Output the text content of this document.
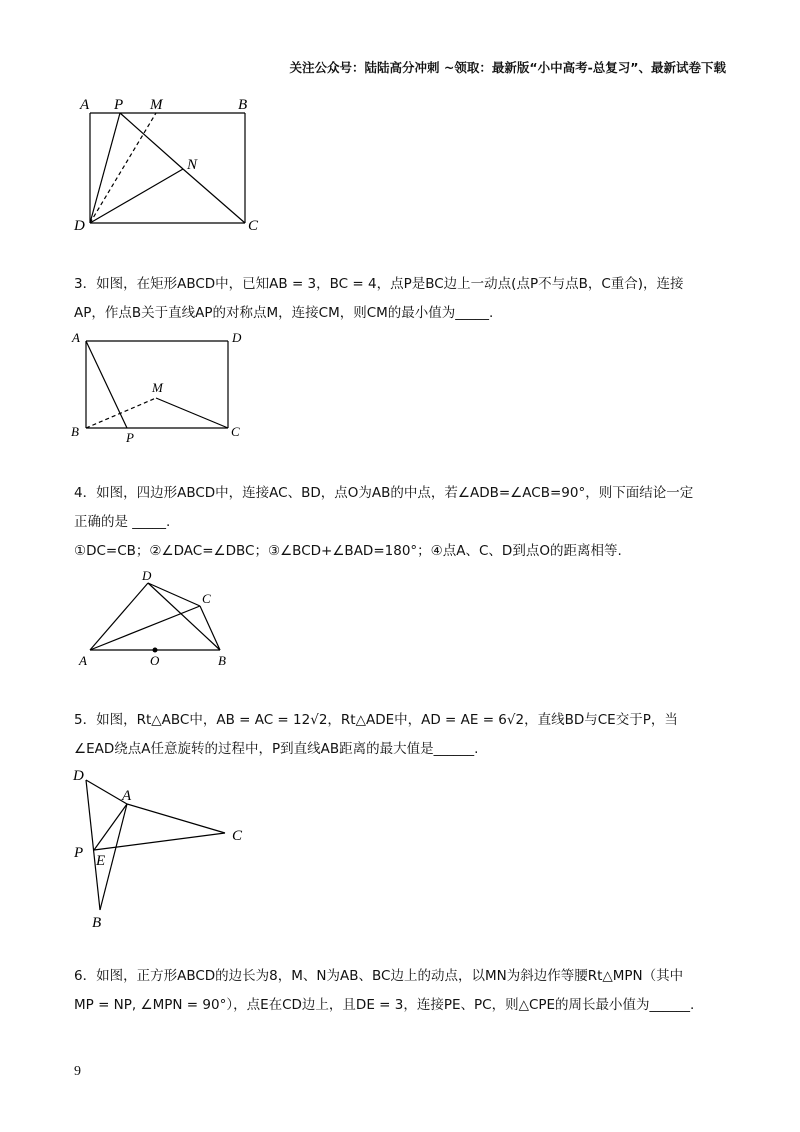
关注公众号：陆陆高分冲刺 ~领取：最新版“小中高考-总复习”、最新试卷下载
A P M	B
N
D	C
3．如图，在矩形ABCD中，已知AB = 3，BC = 4，点P是BC边上一动点(点P不与点B，C重合)，连接
AP，作点B关于直线AP的对称点M，连接CM，则CM的最小值为_____.
A	D
M
B	P	C
4．如图，四边形ABCD中，连接AC、BD，点O为AB的中点，若∠ADB=∠ACB=90°，则下面结论一定
正确的是 _____.
①DC=CB；②∠DAC=∠DBC；③∠BCD+∠BAD=180°；④点A、C、D到点O的距离相等.
D
C
A	O	B
5．如图，Rt△ABC中，AB = AC = 12√2，Rt△ADE中，AD = AE = 6√2，直线BD与CE交于P，当
∠EAD绕点A任意旋转的过程中，P到直线AB距离的最大值是______.
D
A
C
P E
B
6．如图，正方形ABCD的边长为8，M、N为AB、BC边上的动点，以MN为斜边作等腰Rt△MPN（其中
MP = NP, ∠MPN = 90°），点E在CD边上，且DE = 3，连接PE、PC，则△CPE的周长最小值为______.
9
